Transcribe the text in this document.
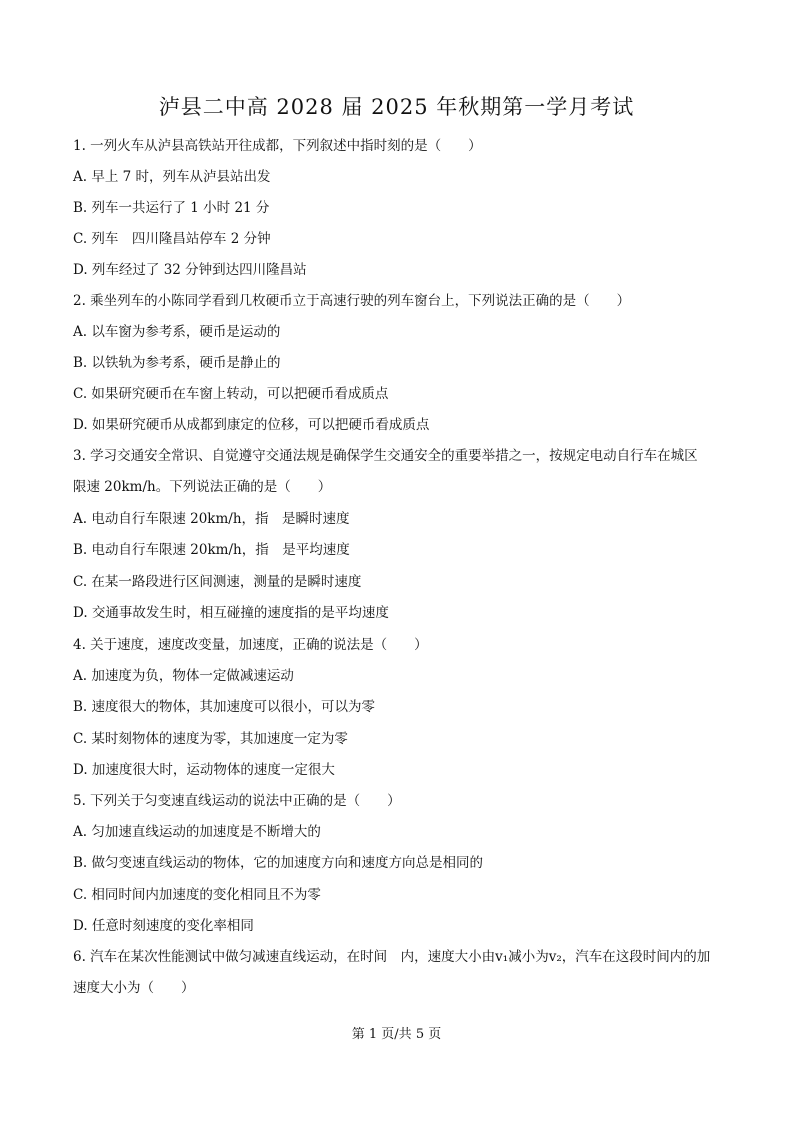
泸县二中高 2028 届 2025 年秋期第一学月考试
1. 一列火车从泸县高铁站开往成都，下列叙述中指时刻的是（　　）
A. 早上 7 时，列车从泸县站出发
B. 列车一共运行了 1 小时 21 分
C. 列车　四川隆昌站停车 2 分钟
D. 列车经过了 32 分钟到达四川隆昌站
2. 乘坐列车的小陈同学看到几枚硬币立于高速行驶的列车窗台上，下列说法正确的是（　　）
A. 以车窗为参考系，硬币是运动的
B. 以铁轨为参考系，硬币是静止的
C. 如果研究硬币在车窗上转动，可以把硬币看成质点
D. 如果研究硬币从成都到康定的位移，可以把硬币看成质点
3. 学习交通安全常识、自觉遵守交通法规是确保学生交通安全的重要举措之一，按规定电动自行车在城区
限速 20km/h。下列说法正确的是（　　）
A. 电动自行车限速 20km/h，指　是瞬时速度
B. 电动自行车限速 20km/h，指　是平均速度
C. 在某一路段进行区间测速，测量的是瞬时速度
D. 交通事故发生时，相互碰撞的速度指的是平均速度
4. 关于速度，速度改变量，加速度，正确的说法是（　　）
A. 加速度为负，物体一定做减速运动
B. 速度很大的物体，其加速度可以很小，可以为零
C. 某时刻物体的速度为零，其加速度一定为零
D. 加速度很大时，运动物体的速度一定很大
5. 下列关于匀变速直线运动的说法中正确的是（　　）
A. 匀加速直线运动的加速度是不断增大的
B. 做匀变速直线运动的物体，它的加速度方向和速度方向总是相同的
C. 相同时间内加速度的变化相同且不为零
D. 任意时刻速度的变化率相同
6. 汽车在某次性能测试中做匀减速直线运动，在时间　内，速度大小由v₁减小为v₂，汽车在这段时间内的加
速度大小为（　　）
第 1 页/共 5 页
